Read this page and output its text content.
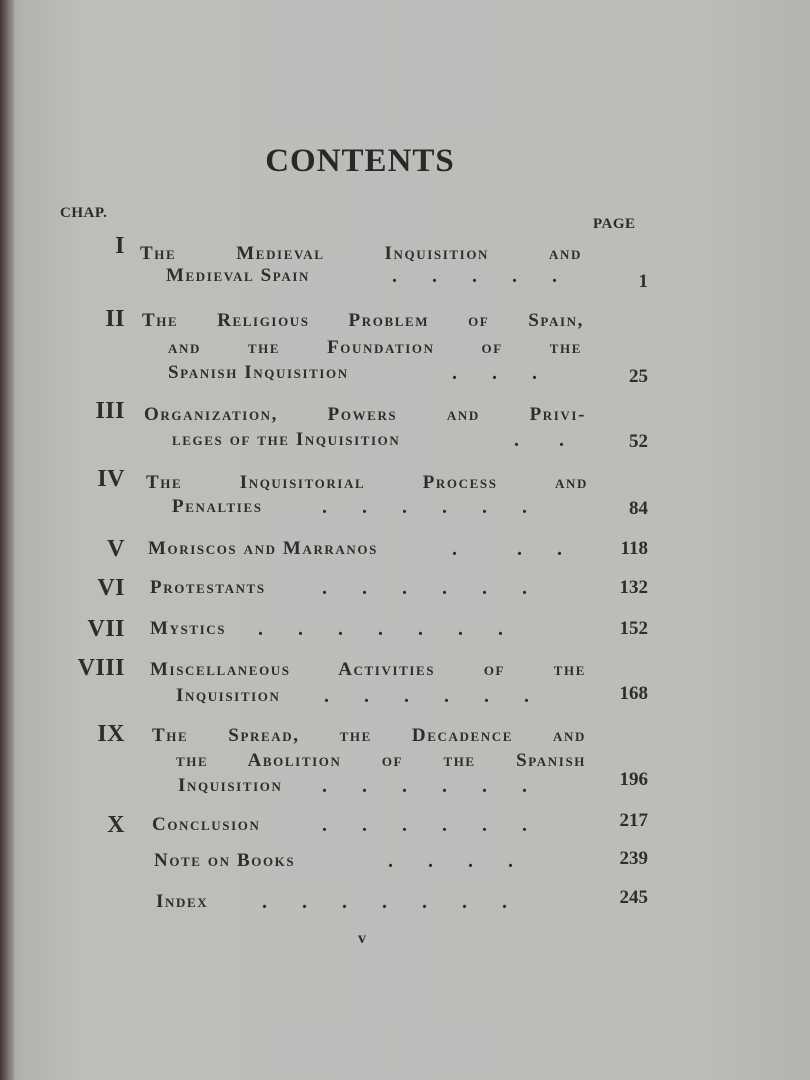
CONTENTS
CHAP.
PAGE
I The Medieval Inquisition and
Medieval Spain	.       .       .       .       .	1
II The Religious Problem of Spain,
and the Foundation of the
Spanish Inquisition	.       .       .	25
III Organization, Powers and Privi-
leges of the Inquisition	.        .	52
IV The Inquisitorial Process and
Penalties	.       .       .       .       .       .	84
V Moriscos and Marranos	.            .       .	118
VI Protestants	.       .       .       .       .       .	132
VII Mystics .       .       .       .       .       .       .	152
VIII Miscellaneous Activities of the
Inquisition .       .       .       .       .       .	168
IX The Spread, the Decadence and
the Abolition of the Spanish
Inquisition .       .       .       .       .       .	196
X Conclusion	.       .       .       .       .       .	217
Note on Books	.       .       .       .	239
Index	.       .       .       .       .       .       .	245
v
